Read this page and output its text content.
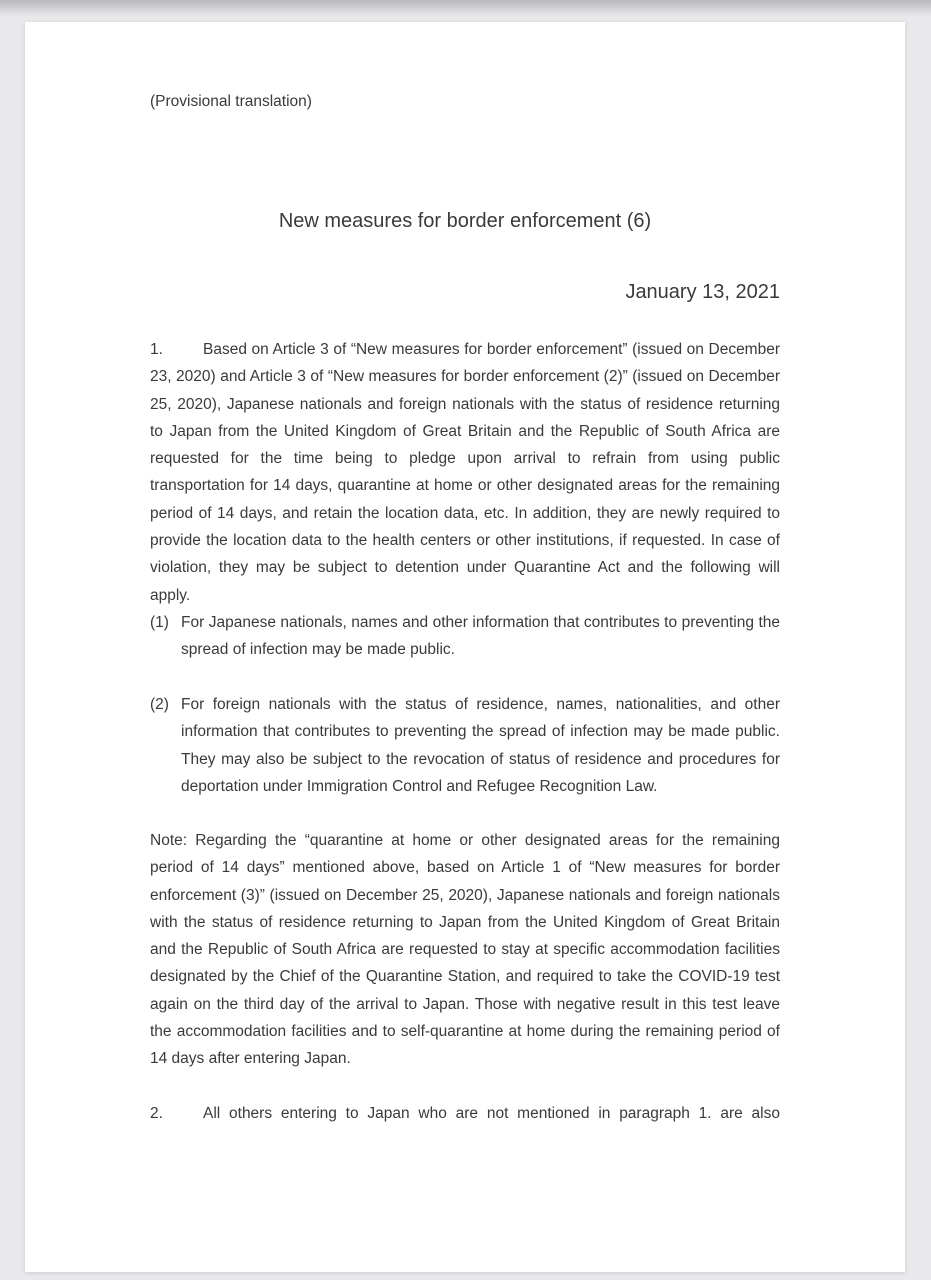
(Provisional translation)

New measures for border enforcement (6)

January 13, 2021

1.	Based on Article 3 of “New measures for border enforcement” (issued on December 23, 2020) and Article 3 of “New measures for border enforcement (2)” (issued on December 25, 2020), Japanese nationals and foreign nationals with the status of residence returning to Japan from the United Kingdom of Great Britain and the Republic of South Africa are requested for the time being to pledge upon arrival to refrain from using public transportation for 14 days, quarantine at home or other designated areas for the remaining period of 14 days, and retain the location data, etc. In addition, they are newly required to provide the location data to the health centers or other institutions, if requested. In case of violation, they may be subject to detention under Quarantine Act and the following will apply.

(1) For Japanese nationals, names and other information that contributes to preventing the spread of infection may be made public.
(2) For foreign nationals with the status of residence, names, nationalities, and other information that contributes to preventing the spread of infection may be made public. They may also be subject to the revocation of status of residence and procedures for deportation under Immigration Control and Refugee Recognition Law.

Note: Regarding the “quarantine at home or other designated areas for the remaining period of 14 days” mentioned above, based on Article 1 of “New measures for border enforcement (3)” (issued on December 25, 2020), Japanese nationals and foreign nationals with the status of residence returning to Japan from the United Kingdom of Great Britain and the Republic of South Africa are requested to stay at specific accommodation facilities designated by the Chief of the Quarantine Station, and required to take the COVID-19 test again on the third day of the arrival to Japan. Those with negative result in this test leave the accommodation facilities and to self-quarantine at home during the remaining period of 14 days after entering Japan.

2.	All others entering to Japan who are not mentioned in paragraph 1. are also
